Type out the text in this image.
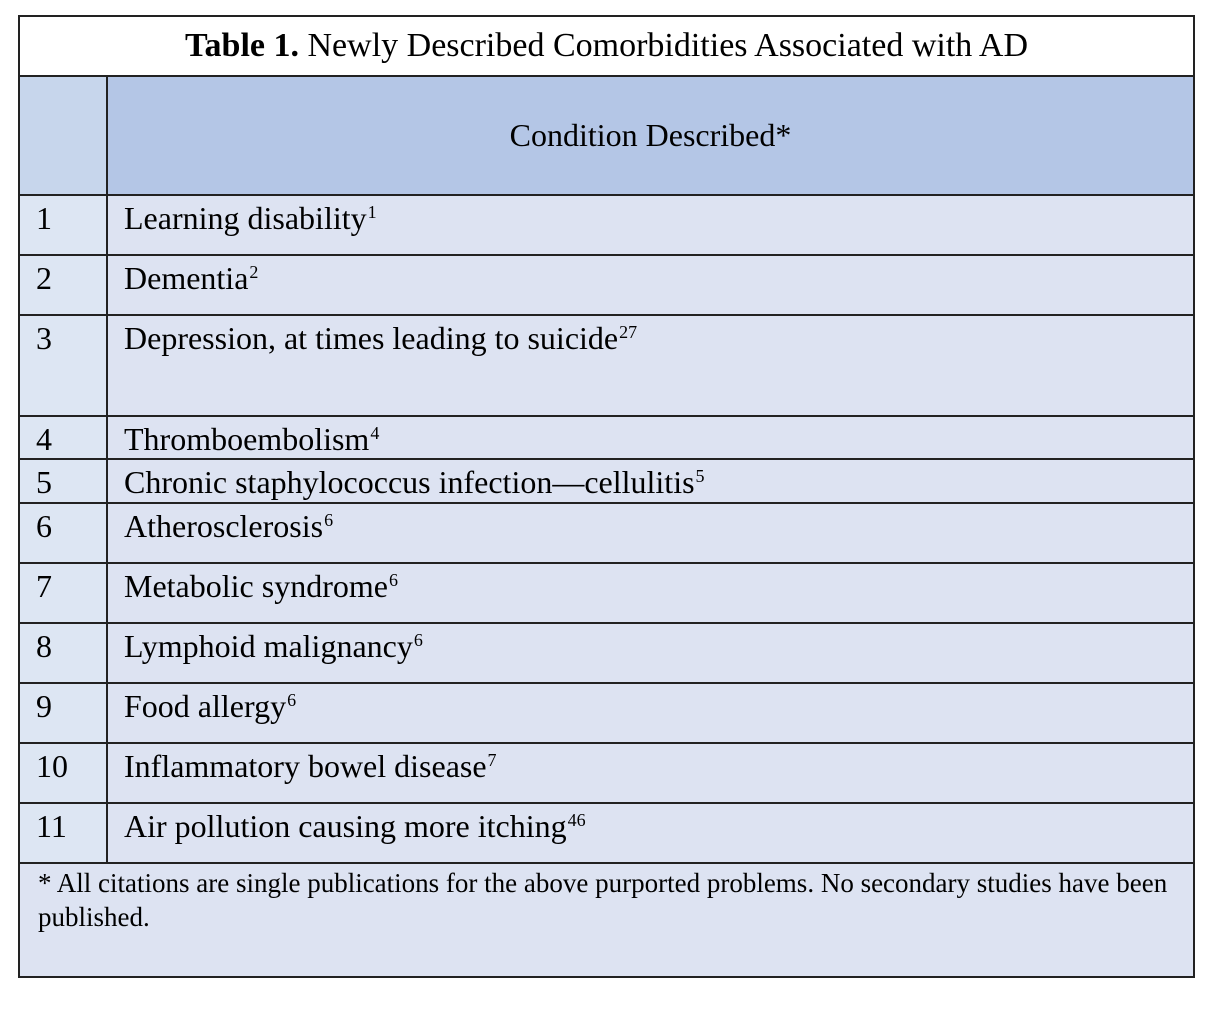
Table 1. Newly Described Comorbidities Associated with AD	
	Condition Described*
1	Learning disability$^1$
2	Dementia$^2$
3	Depression, at times leading to suicide$^{27}$
4	Thromboembolism$^4$
5	Chronic staphylococcus infection—cellulitis$^5$
6	Atherosclerosis$^6$
7	Metabolic syndrome$^6$
8	Lymphoid malignancy$^6$
9	Food allergy$^6$
10	Inflammatory bowel disease$^7$
11	Air pollution causing more itching$^{46}$
* All citations are single publications for the above purported problems. No secondary studies have been published.	
